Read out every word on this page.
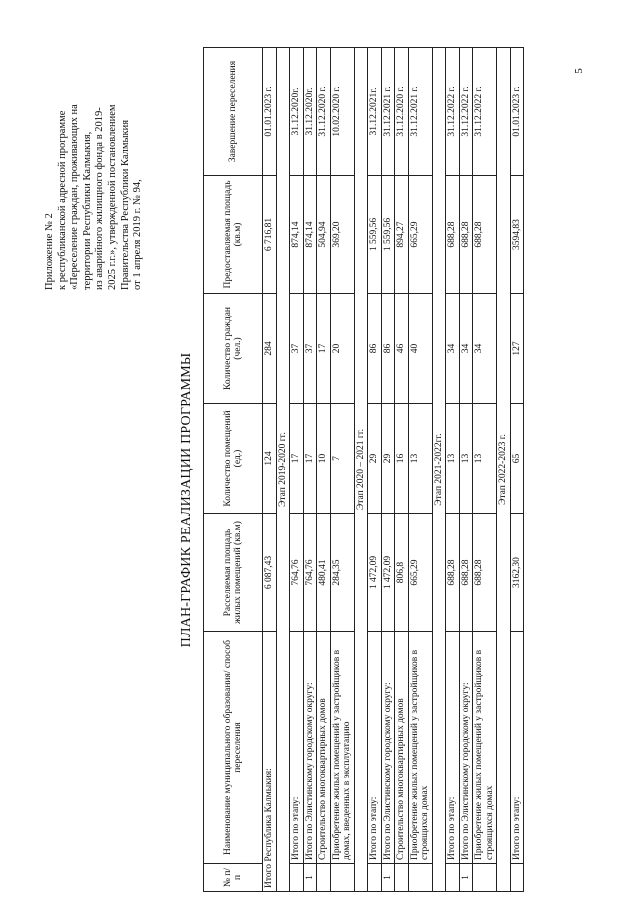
5
Приложение № 2 к республиканской адресной программе «Переселение граждан, проживающих на территории Республики Калмыкия, из аварийного жилищного фонда в 2019- 2025 г.г.», утвержденной постановлением Правительства Республики Калмыкия от 1 апреля 2019 г. № 94,
ПЛАН-ГРАФИК РЕАЛИЗАЦИИ ПРОГРАММЫ
№ п/п	Наименование муниципального образования/ способ переселения	Расселяемая площадь жилых помещений (кв.м)	Количество помещений (ед.)	Количество граждан (чел.)	Предоставляемая площадь (кв.м)	Завершение переселения
Итого Республика Калмыкия:		6 087,43	124	284	6 716,81	01.01.2023 г.
Этап 2019-2020 гг.						
	Итого по этапу:	764,76	17	37	874,14	31.12.2020г.
1	Итого по Элистинскому городскому округу:	764,76	17	37	874,14	31.12.2020г.
	Строительство многоквартирных домов	480,41	10	17	504,94	31.12.2020 г.
	Приобретение жилых помещений у застройщиков в домах, введенных в эксплуатацию	284,35	7	20	369,20	10.02.2020 г.
Этап 2020 – 2021 гг.						
	Итого по этапу:	1 472,09	29	86	1 559,56	31.12.2021г.
1	Итого по Элистинскому городскому округу:	1 472,09	29	86	1 559,56	31.12.2021 г.
	Строительство многоквартирных домов	806,8	16	46	894,27	31.12.2020 г.
	Приобретение жилых помещений у застройщиков в строящихся домах	665,29	13	40	665,29	31.12.2021 г.
Этап 2021-2022гг.						
	Итого по этапу:	688,28	13	34	688,28	31.12.2022 г.
1	Итого по Элистинскому городскому округу:	688,28	13	34	688,28	31.12.2022 г.
	Приобретение жилых помещений у застройщиков в строящихся домах	688,28	13	34	688,28	31.12.2022 г.
Этап 2022-2023 г.						
	Итого по этапу:	3162,30	65	127	3594,83	01.01.2023 г.
